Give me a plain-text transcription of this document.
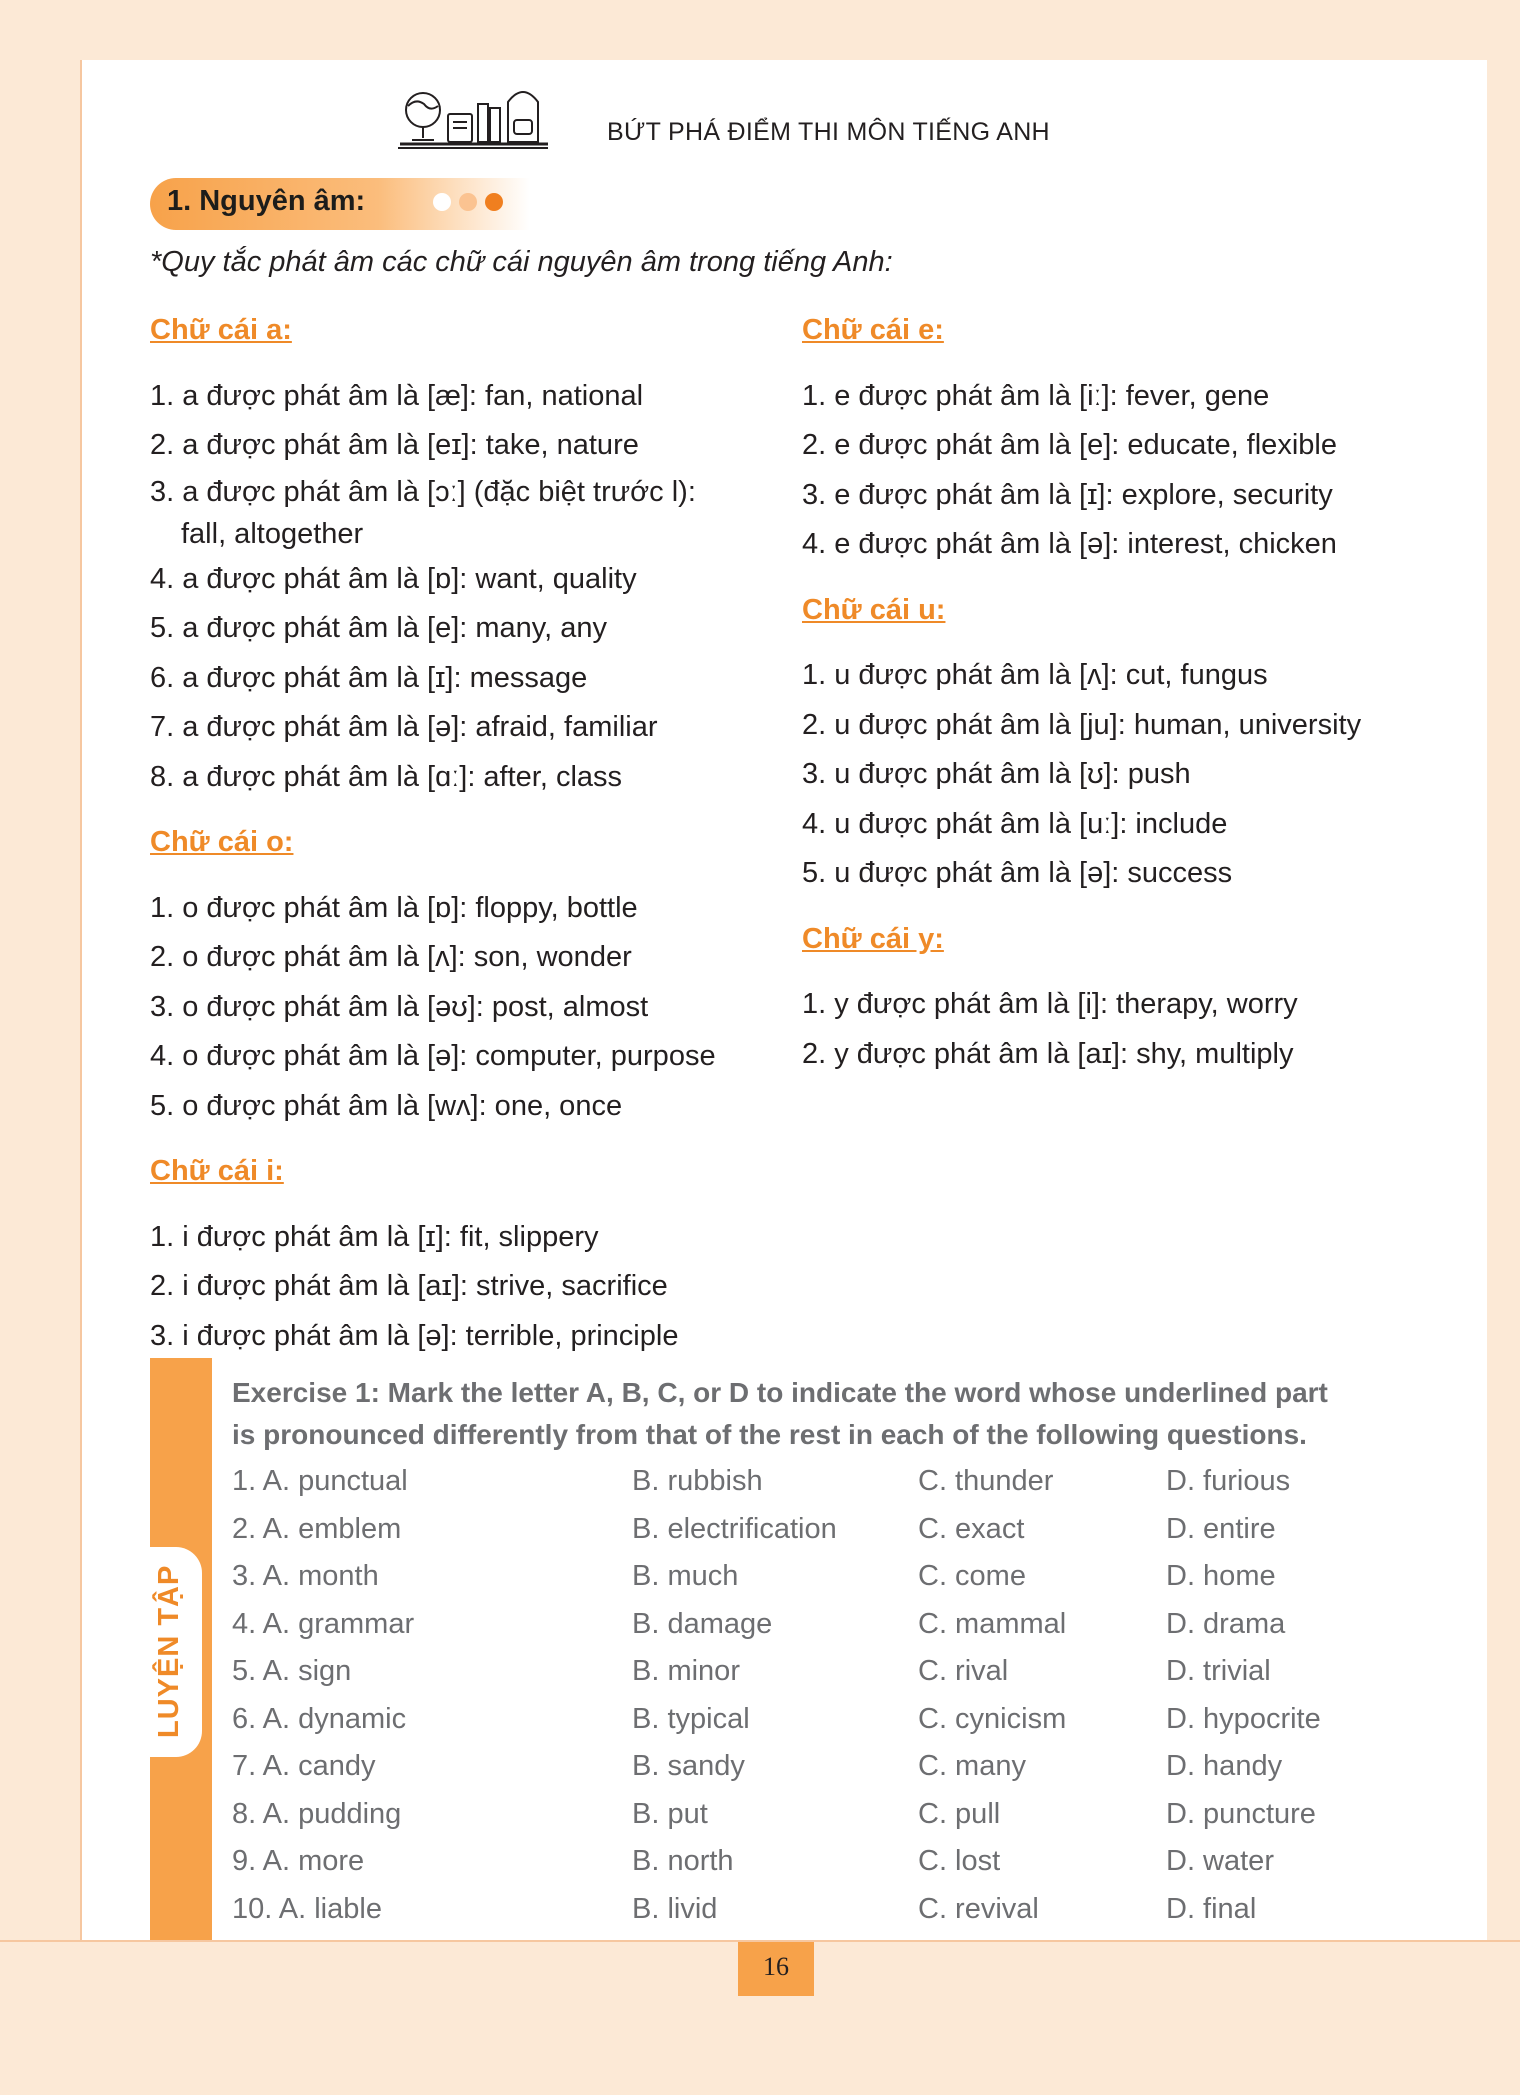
BỨT PHÁ ĐIỂM THI MÔN TIẾNG ANH
1. Nguyên âm:
*Quy tắc phát âm các chữ cái nguyên âm trong tiếng Anh:

Chữ cái a:

1. a được phát âm là [æ]: fan, national

2. a được phát âm là [eɪ]: take, nature

3. a được phát âm là [ɔː] (đặc biệt trước l):

fall, altogether

4. a được phát âm là [ɒ]: want, quality

5. a được phát âm là [e]: many, any

6. a được phát âm là [ɪ]: message

7. a được phát âm là [ə]: afraid, familiar

8. a được phát âm là [ɑː]: after, class

Chữ cái o:

1. o được phát âm là [ɒ]: floppy, bottle

2. o được phát âm là [ʌ]: son, wonder

3. o được phát âm là [əʊ]: post, almost

4. o được phát âm là [ə]: computer, purpose

5. o được phát âm là [wʌ]: one, once

Chữ cái i:

1. i được phát âm là [ɪ]: fit, slippery

2. i được phát âm là [aɪ]: strive, sacrifice

3. i được phát âm là [ə]: terrible, principle

Chữ cái e:

1. e được phát âm là [iː]: fever, gene

2. e được phát âm là [e]: educate, flexible

3. e được phát âm là [ɪ]: explore, security

4. e được phát âm là [ə]: interest, chicken

Chữ cái u:

1. u được phát âm là [ʌ]: cut, fungus

2. u được phát âm là [ju]: human, university

3. u được phát âm là [ʊ]: push

4. u được phát âm là [uː]: include

5. u được phát âm là [ə]: success

Chữ cái y:

1. y được phát âm là [i]: therapy, worry

2. y được phát âm là [aɪ]: shy, multiply

LUYỆN TẬP
Exercise 1: Mark the letter A, B, C, or D to indicate the word whose underlined part
is pronounced differently from that of the rest in each of the following questions.
1. A. punctual	B. rubbish	C. thunder	D. furious
2. A. emblem	B. electrification	C. exact	D. entire
3. A. month	B. much	C. come	D. home
4. A. grammar	B. damage	C. mammal	D. drama
5. A. sign	B. minor	C. rival	D. trivial
6. A. dynamic	B. typical	C. cynicism	D. hypocrite
7. A. candy	B. sandy	C. many	D. handy
8. A. pudding	B. put	C. pull	D. puncture
9. A. more	B. north	C. lost	D. water
10. A. liable	B. livid	C. revival	D. final
16
